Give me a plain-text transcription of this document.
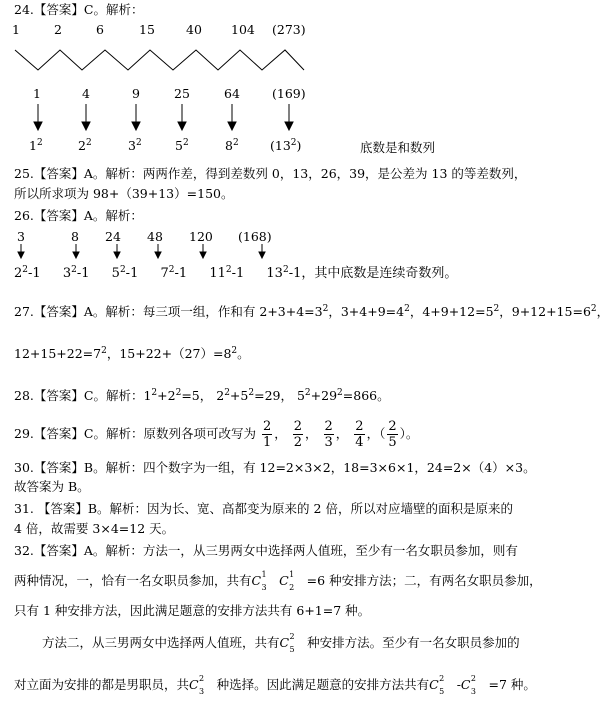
24.【答案】C。解析：
1	2	6	15 40 104 (273)
1	4	9	25	64	(169)
$1^2$	$2^2$	$3^2$	$5^2$	$8^2$	$(13^2)$	底数是和数列
25.【答案】A。解析：两两作差，得到差数列 0，13，26，39，是公差为 13 的等差数列，
所以所求项为 98+（39+13）=150。
26.【答案】A。解析：
3	8 24 48 120 (168)
$2^2-1$ $3^2-1$ $5^2-1$ $7^2-1$ $11^2-1$ $13^2-1$，其中底数是连续奇数列。
27.【答案】A。解析：每三项一组，作和有 $2+3+4=3^2$，$3+4+9=4^2$，$4+9+12=5^2$，$9+12+15=6^2$，
$12+15+22=7^2$，$15+22+(27)=8^2$。
28.【答案】C。解析：$1^2+2^2=5$， $2^2+5^2=29$， $5^2+29^2=866$。
29.【答案】C。解析：原数列各项可改写为 $\frac{2}{1}$ ， $\frac{2}{2}$ ， $\frac{2}{3}$ ， $\frac{2}{4}$ ，（ $\frac{2}{5}$ ）。
30.【答案】B。解析：四个数字为一组，有 12=2×3×2，18=3×6×1，24=2×（4）×3。
故答案为 B。
31. 【答案】B。解析：因为长、宽、高都变为原来的 2 倍，所以对应墙壁的面积是原来的
4 倍，故需要 3×4=12 天。
32.【答案】A。解析：方法一，从三男两女中选择两人值班，至少有一名女职员参加，则有
两种情况，一，恰有一名女职员参加，共有C 1
3 C 1
2 =6 种安排方法；二，有两名女职员参加，
只有 1 种安排方法，因此满足题意的安排方法共有 6+1=7 种。
方法二，从三男两女中选择两人值班，共有C 2
5 种安排方法。至少有一名女职员参加的
对立面为安排的都是男职员，共C 2
3 种选择。因此满足题意的安排方法共有C 2
5 -C 2
3 =7 种。
